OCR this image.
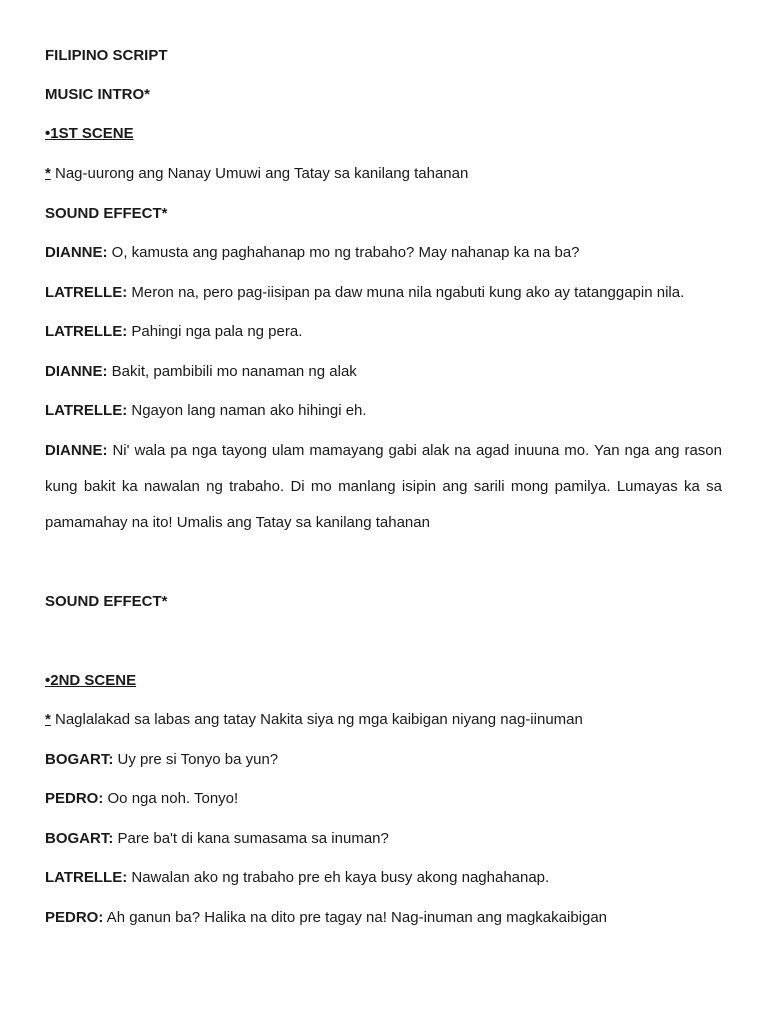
FILIPINO SCRIPT
MUSIC INTRO*
•1ST SCENE
* Nag-uurong ang Nanay Umuwi ang Tatay sa kanilang tahanan
SOUND EFFECT*
DIANNE: O, kamusta ang paghahanap mo ng trabaho? May nahanap ka na ba?
LATRELLE: Meron na, pero pag-iisipan pa daw muna nila ngabuti kung ako ay tatanggapin nila.
LATRELLE: Pahingi nga pala ng pera.
DIANNE: Bakit, pambibili mo nanaman ng alak
LATRELLE: Ngayon lang naman ako hihingi eh.
DIANNE: Ni' wala pa nga tayong ulam mamayang gabi alak na agad inuuna mo. Yan nga ang rason kung bakit ka nawalan ng trabaho. Di mo manlang isipin ang sarili mong pamilya. Lumayas ka sa pamamahay na ito! Umalis ang Tatay sa kanilang tahanan
SOUND EFFECT*
•2ND SCENE
* Naglalakad sa labas ang tatay Nakita siya ng mga kaibigan niyang nag-iinuman
BOGART: Uy pre si Tonyo ba yun?
PEDRO: Oo nga noh. Tonyo!
BOGART: Pare ba't di kana sumasama sa inuman?
LATRELLE: Nawalan ako ng trabaho pre eh kaya busy akong naghahanap.
PEDRO: Ah ganun ba? Halika na dito pre tagay na! Nag-inuman ang magkakaibigan
